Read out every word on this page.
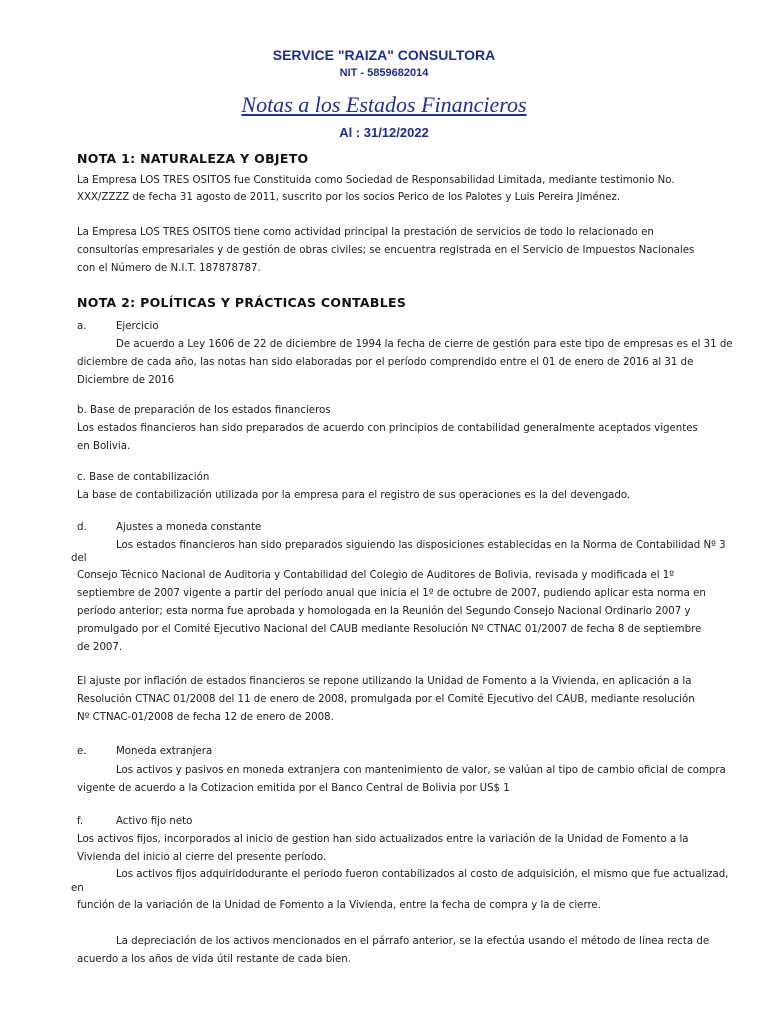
SERVICE "RAIZA" CONSULTORA
NIT - 5859682014
Notas a los Estados Financieros
Al : 31/12/2022
NOTA 1: NATURALEZA Y OBJETO
La Empresa LOS TRES OSITOS fue Constituida como Sociedad de Responsabilidad Limitada, mediante testimonio No.
XXX/ZZZZ de fecha 31 agosto de 2011, suscrito por los socios Perico de los Palotes y Luis Pereira Jiménez.
La Empresa LOS TRES OSITOS tiene como actividad principal la prestación de servicios de todo lo relacionado en
consultorías empresariales y de gestión de obras civiles; se encuentra registrada en el Servicio de Impuestos Nacionales
con el Número de N.I.T. 187878787.
NOTA 2: POLÍTICAS Y PRÁCTICAS CONTABLES
a.	Ejercicio
De acuerdo a Ley 1606 de 22 de diciembre de 1994 la fecha de cierre de gestión para este tipo de empresas es el 31 de
diciembre de cada año, las notas han sido elaboradas por el período comprendido entre el 01 de enero de 2016 al 31 de
Diciembre de 2016
b. Base de preparación de los estados financieros
Los estados financieros han sido preparados de acuerdo con principios de contabilidad generalmente aceptados vigentes
en Bolivia.
c. Base de contabilización
La base de contabilización utilizada por la empresa para el registro de sus operaciones es la del devengado.
d.	Ajustes a moneda constante
Los estados financieros han sido preparados siguiendo las disposiciones establecidas en la Norma de Contabilidad Nº 3
del
Consejo Técnico Nacional de Auditoria y Contabilidad del Colegio de Auditores de Bolivia, revisada y modificada el 1º
septiembre de 2007 vigente a partir del período anual que inicia el 1º de octubre de 2007, pudiendo aplicar esta norma en
período anterior; esta norma fue aprobada y homologada en la Reunión del Segundo Consejo Nacional Ordinario 2007 y
promulgado por el Comité Ejecutivo Nacional del CAUB mediante Resolución Nº CTNAC 01/2007 de fecha 8 de septiembre
de 2007.
El ajuste por inflación de estados financieros se repone utilizando la Unidad de Fomento a la Vivienda, en aplicación a la
Resolución CTNAC 01/2008 del 11 de enero de 2008, promulgada por el Comité Ejecutivo del CAUB, mediante resolución
Nº CTNAC-01/2008 de fecha 12 de enero de 2008.
e.	Moneda extranjera
Los activos y pasivos en moneda extranjera con mantenimiento de valor, se valúan al tipo de cambio oficial de compra
vigente de acuerdo a la Cotizacion emitida por el Banco Central de Bolivia por US$ 1
f.	Activo fijo neto
Los activos fijos, incorporados al inicio de gestion han sido actualizados entre la variación de la Unidad de Fomento a la
Vivienda del inicio al cierre del presente período.
Los activos fijos adquiridodurante el periodo fueron contabilizados al costo de adquisición, el mismo que fue actualizad,
en
función de la variación de la Unidad de Fomento a la Vivienda, entre la fecha de compra y la de cierre.
La depreciación de los activos mencionados en el párrafo anterior, se la efectúa usando el método de línea recta de
acuerdo a los años de vida útil restante de cada bien.
